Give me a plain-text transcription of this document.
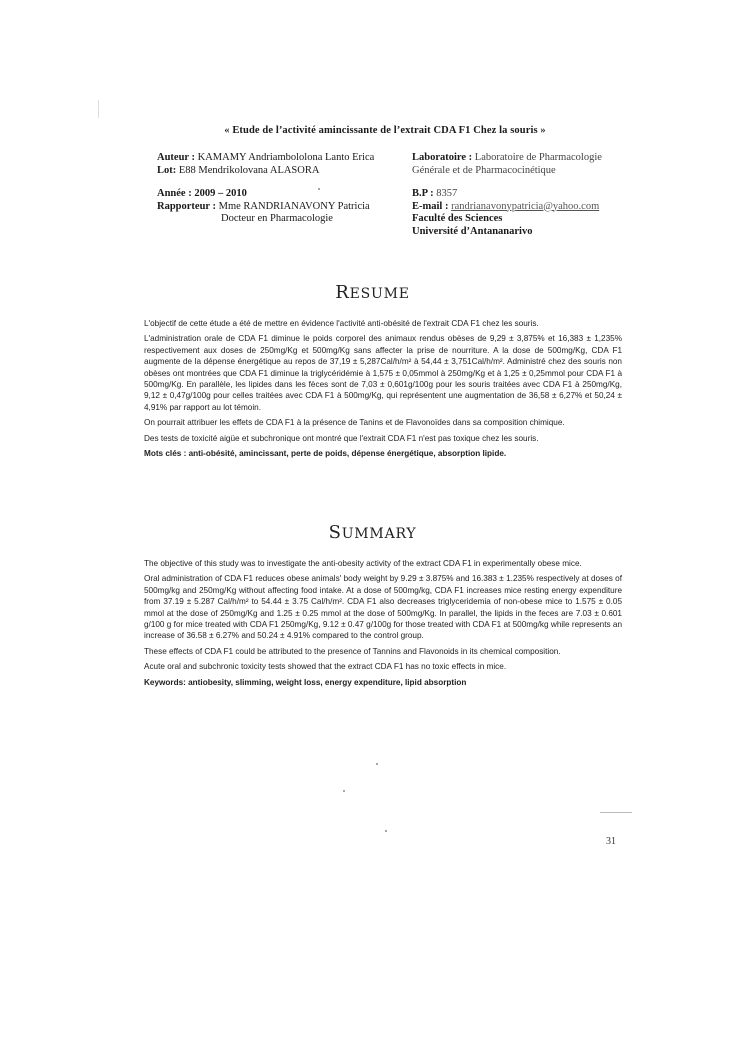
« Etude de l’activité amincissante de l’extrait CDA F1 Chez la souris »
Auteur : KAMAMY Andriambololona Lanto Erica
Lot: E88 Mendrikolovana ALASORA
Année : 2009 – 2010
Rapporteur : Mme RANDRIANAVONY Patricia
Docteur en Pharmacologie
Laboratoire : Laboratoire de Pharmacologie
Générale et de Pharmacocinétique
B.P : 8357
E-mail : randrianavonypatricia@yahoo.com
Faculté des Sciences
Université d’Antananarivo
RESUME

L'objectif de cette étude a été de mettre en évidence l'activité anti-obésité de l'extrait CDA F1 chez les souris.

L'administration orale de CDA F1 diminue le poids corporel des animaux rendus obèses de 9,29 ± 3,875% et 16,383 ± 1,235% respectivement aux doses de 250mg/Kg et 500mg/Kg sans affecter la prise de nourriture. A la dose de 500mg/Kg, CDA F1 augmente de la dépense énergétique au repos de 37,19 ± 5,287Cal/h/m² à 54,44 ± 3,751Cal/h/m². Administré chez des souris non obèses ont montrées que CDA F1 diminue la triglycéridémie à 1,575 ± 0,05mmol à 250mg/Kg et à 1,25 ± 0,25mmol pour CDA F1 à 500mg/Kg. En parallèle, les lipides dans les fèces sont de 7,03 ± 0,601g/100g pour les souris traitées avec CDA F1 à 250mg/Kg, 9,12 ± 0,47g/100g pour celles traitées avec CDA F1 à 500mg/Kg, qui représentent une augmentation de 36,58 ± 6,27% et 50,24 ± 4,91% par rapport au lot témoin.

On pourrait attribuer les effets de CDA F1 à la présence de Tanins et de Flavonoïdes dans sa composition chimique.

Des tests de toxicité aigüe et subchronique ont montré que l'extrait CDA F1 n'est pas toxique chez les souris.

Mots clés : anti-obésité, amincissant, perte de poids, dépense énergétique, absorption lipide.

SUMMARY

The objective of this study was to investigate the anti-obesity activity of the extract CDA F1 in experimentally obese mice.

Oral administration of CDA F1 reduces obese animals' body weight by 9.29 ± 3.875% and 16.383 ± 1.235% respectively at doses of 500mg/kg and 250mg/Kg without affecting food intake. At a dose of 500mg/kg, CDA F1 increases mice resting energy expenditure from 37.19 ± 5.287 Cal/h/m² to 54.44 ± 3.75 Cal/h/m². CDA F1 also decreases triglyceridemia of non-obese mice to 1.575 ± 0.05 mmol at the dose of 250mg/Kg and 1.25 ± 0.25 mmol at the dose of 500mg/Kg. In parallel, the lipids in the feces are 7.03 ± 0.601 g/100 g for mice treated with CDA F1 250mg/Kg, 9.12 ± 0.47 g/100g for those treated with CDA F1 at 500mg/kg while represents an increase of 36.58 ± 6.27% and 50.24 ± 4.91% compared to the control group.

These effects of CDA F1 could be attributed to the presence of Tannins and Flavonoids in its chemical composition.

Acute oral and subchronic toxicity tests showed that the extract CDA F1 has no toxic effects in mice.

Keywords: antiobesity, slimming, weight loss, energy expenditure, lipid absorption

31
